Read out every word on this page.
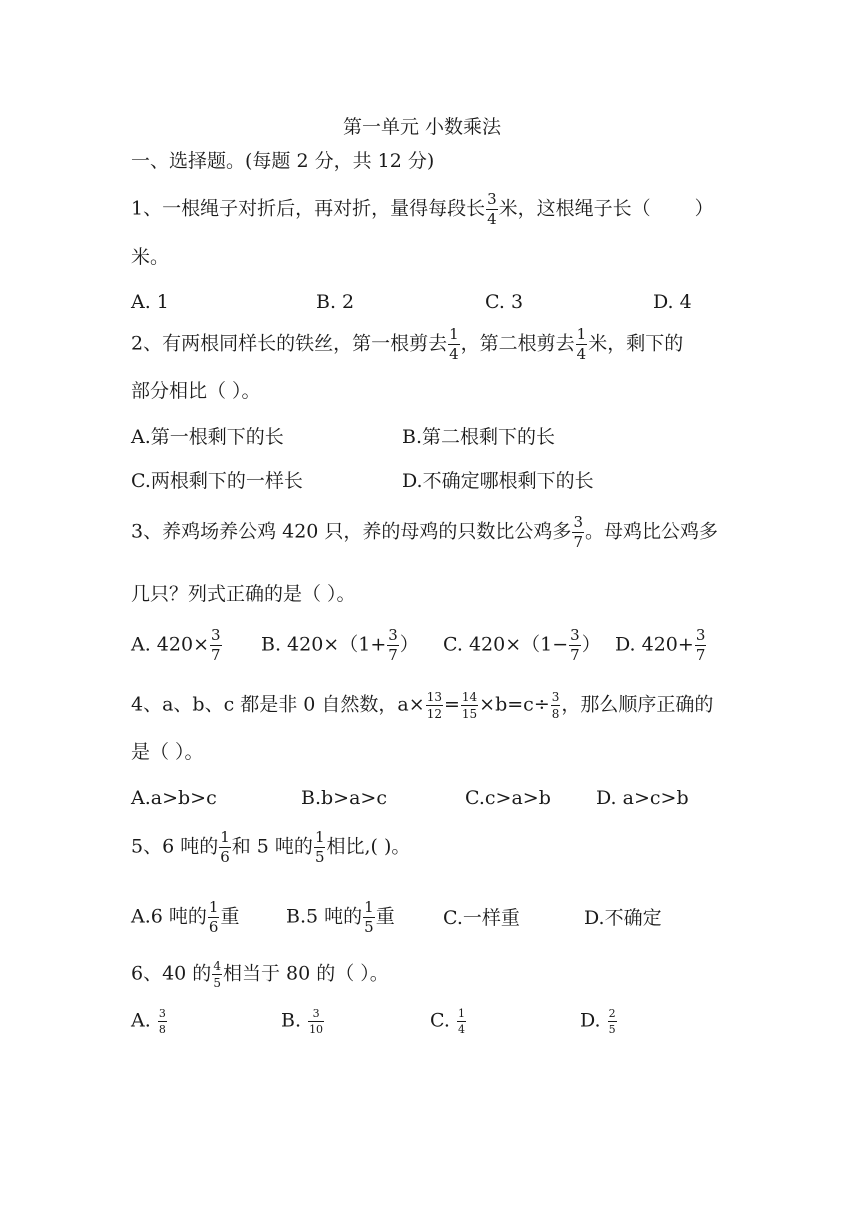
第一单元 小数乘法
一、选择题。(每题 2 分，共 12 分)
1、一根绳子对折后，再对折，量得每段长 $\frac{3}{4}$ 米，这根绳子长（ ）
米。
A. 1	B. 2	C. 3	D. 4
2、有两根同样长的铁丝，第一根剪去 $\frac{1}{4}$ ，第二根剪去 $\frac{1}{4}$ 米，剩下的
部分相比（ ）。
A.第一根剩下的长	B.第二根剩下的长
C.两根剩下的一样长	D.不确定哪根剩下的长
3、养鸡场养公鸡 420 只，养的母鸡的只数比公鸡多 $\frac{3}{7}$ 。母鸡比公鸡多
几只？列式正确的是（ ）。
A. $420\times \frac{3}{7} B$. $420\times(1+ \frac{3}{7}$ ） C. $420\times(1- \frac{3}{7}$ ） D. $420+ \frac{3}{7}$
4、a、b、c 都是非 0 自然数，$a\times \frac{13}{12} = \frac{14}{15} \times b=c\div \frac{3}{8}$ ，那么顺序正确的
是（ ）。
A.a>b>c	B.b>a>c	C.c>a>b D. a>c>b
5、6 吨的 $\frac{1}{6}$ 和 5 吨的 $\frac{1}{5}$ 相比,( )。
A.6 吨的 $\frac{1}{6}$ 重 B.5 吨的 $\frac{1}{5}$ 重	C.一样重	D.不确定
6、40 的 $\frac{4}{5}$ 相当于 80 的（ ）。
A. $\frac{3}{8}$	B. $\frac{3}{10}$	C. $\frac{1}{4}$	D. $\frac{2}{5}$
